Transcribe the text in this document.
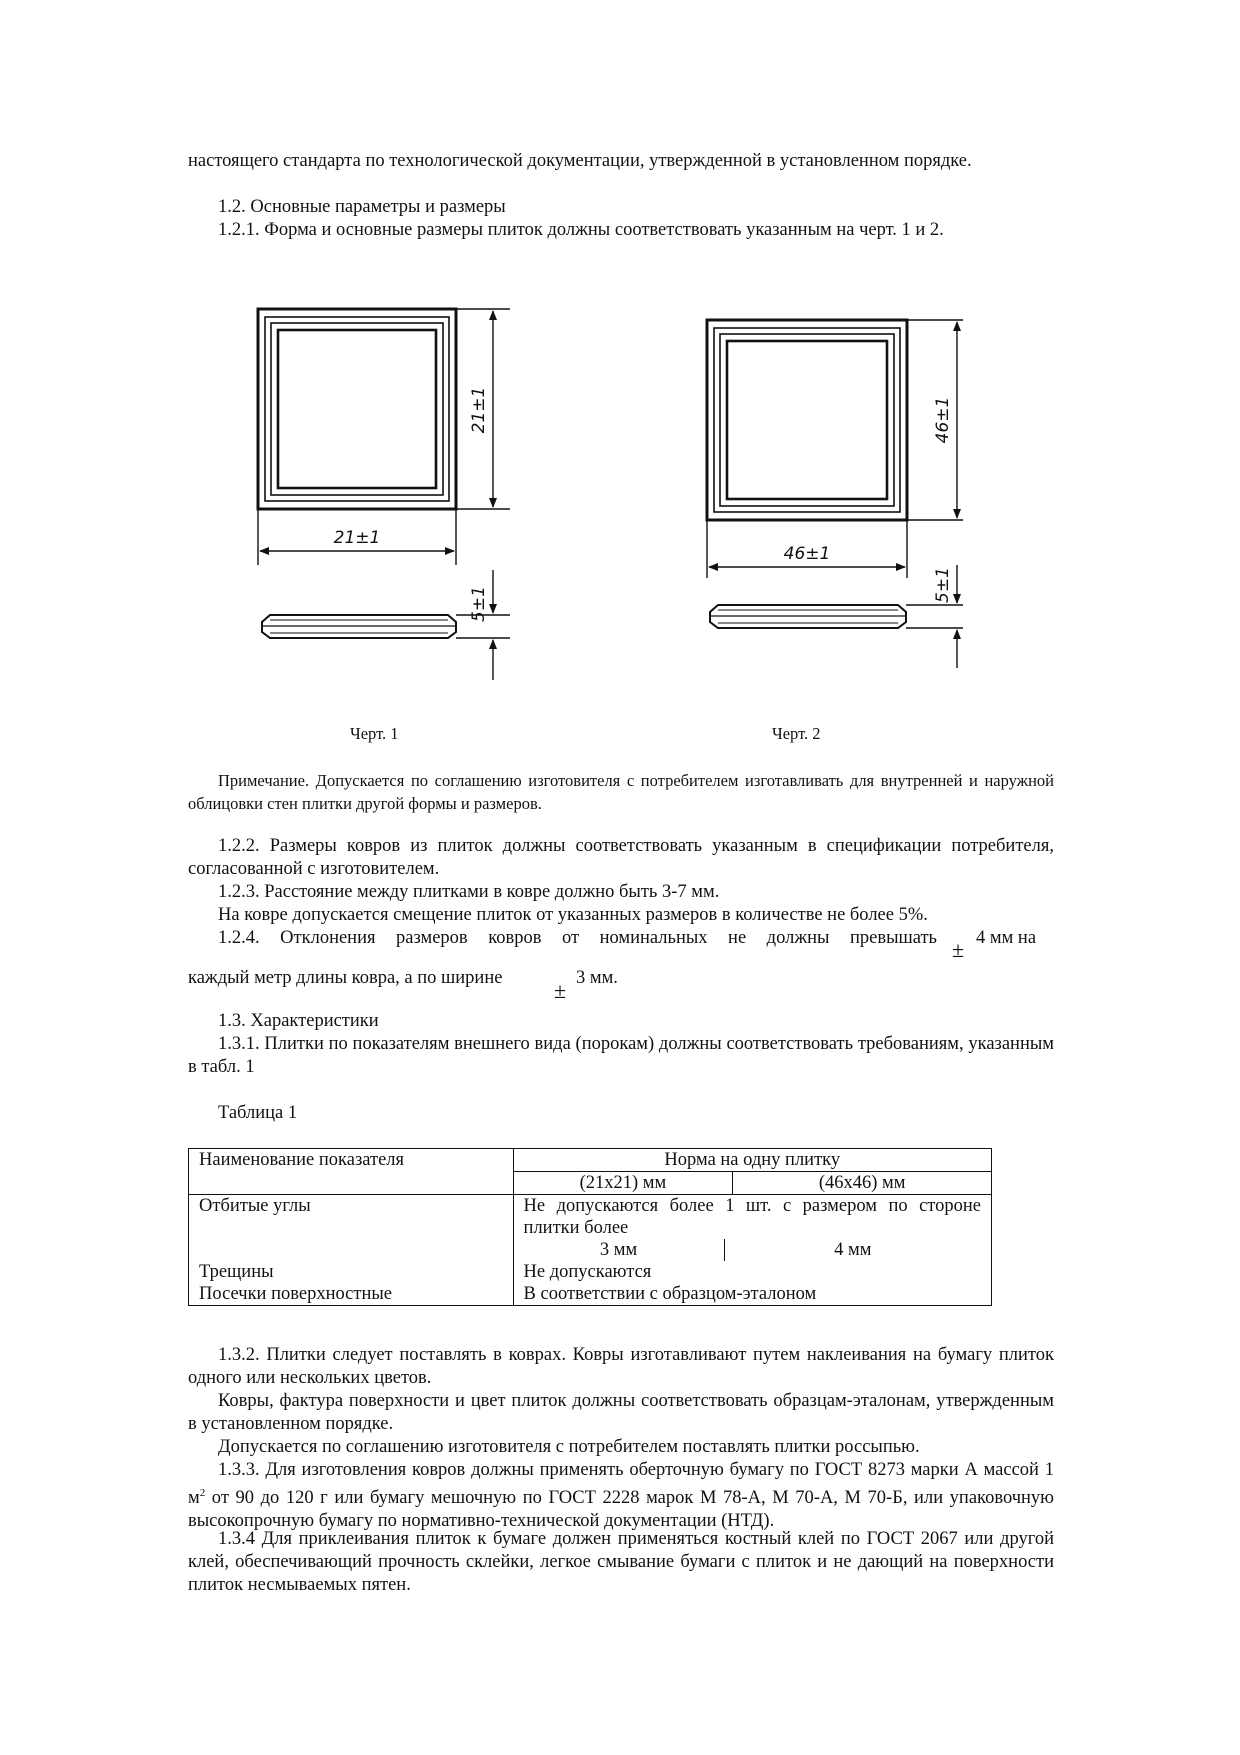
настоящего стандарта по технологической документации, утвержденной в установленном порядке.
1.2. Основные параметры и размеры
1.2.1. Форма и основные размеры плиток должны соответствовать указанным на черт. 1 и 2.
21±1
21±1
5±1
46±1
46±1
5±1
Черт. 1	Черт. 2
Примечание. Допускается по соглашению изготовителя с потребителем изготавливать для внутренней и наружной облицовки стен плитки другой формы и размеров.
1.2.2. Размеры ковров из плиток должны соответствовать указанным в спецификации потребителя, согласованной с изготовителем.
1.2.3. Расстояние между плитками в ковре должно быть 3-7 мм.
На ковре допускается смещение плиток от указанных размеров в количестве не более 5%.
1.2.4. Отклонения размеров ковров от номинальных не должны превышать 4 мм на
±
каждый метр длины ковра, а по ширине ± 3 мм.
1.3. Характеристики
1.3.1. Плитки по показателям внешнего вида (порокам) должны соответствовать требованиям, указанным в табл. 1
Таблица 1
Наименование показателя	Норма на одну плитку	
	(21х21) мм	(46х46) мм
Отбитые углы	Не допускаются более 1 шт. с размером по стороне плитки более
3 мм 4 мм	

Трещины	Не допускаются	
Посечки поверхностные	В соответствии с образцом-эталоном	
1.3.2. Плитки следует поставлять в коврах. Ковры изготавливают путем наклеивания на бумагу плиток одного или нескольких цветов.
Ковры, фактура поверхности и цвет плиток должны соответствовать образцам-эталонам, утвержденным в установленном порядке.
Допускается по соглашению изготовителя с потребителем поставлять плитки россыпью.
1.3.3. Для изготовления ковров должны применять оберточную бумагу по ГОСТ 8273 марки А массой 1 $м^2$ от 90 до 120 г или бумагу мешочную по ГОСТ 2228 марок М 78-А, М 70-А, М 70-Б, или упаковочную высокопрочную бумагу по нормативно-технической документации (НТД).
1.3.4 Для приклеивания плиток к бумаге должен применяться костный клей по ГОСТ 2067 или другой клей, обеспечивающий прочность склейки, легкое смывание бумаги с плиток и не дающий на поверхности плиток несмываемых пятен.
